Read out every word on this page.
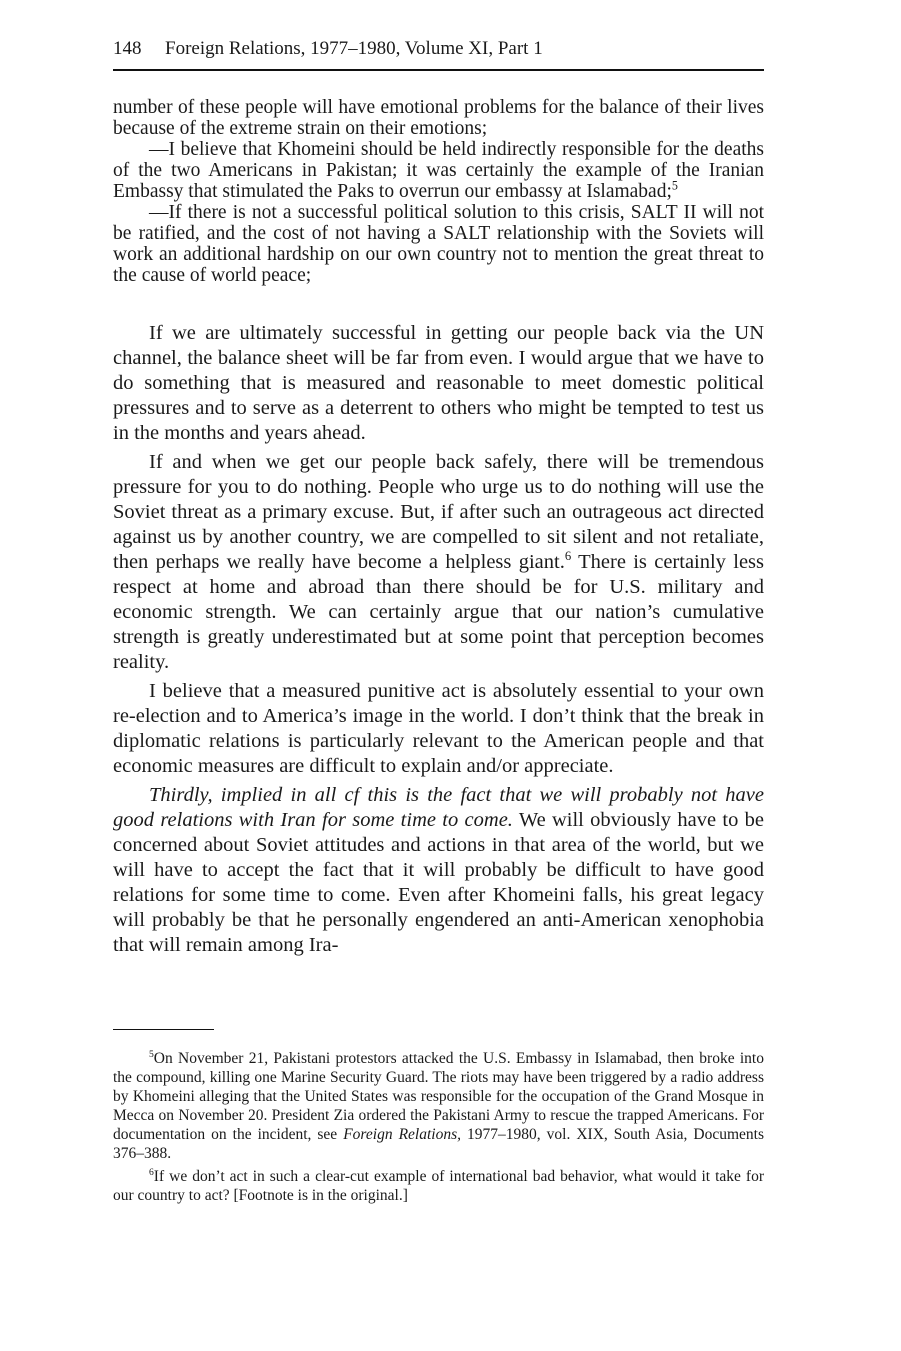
148 Foreign Relations, 1977–1980, Volume XI, Part 1

number of these people will have emotional problems for the balance of their lives because of the extreme strain on their emotions;

—I believe that Khomeini should be held indirectly responsible for the deaths of the two Americans in Pakistan; it was certainly the example of the Iranian Embassy that stimulated the Paks to overrun our embassy at Islamabad;$^5$

—If there is not a successful political solution to this crisis, SALT II will not be ratified, and the cost of not having a SALT relationship with the Soviets will work an additional hardship on our own country not to mention the great threat to the cause of world peace;

If we are ultimately successful in getting our people back via the UN channel, the balance sheet will be far from even. I would argue that we have to do something that is measured and reasonable to meet domestic political pressures and to serve as a deterrent to others who might be tempted to test us in the months and years ahead.

If and when we get our people back safely, there will be tremendous pressure for you to do nothing. People who urge us to do nothing will use the Soviet threat as a primary excuse. But, if after such an outrageous act directed against us by another country, we are compelled to sit silent and not retaliate, then perhaps we really have become a helpless giant.$^6$ There is certainly less respect at home and abroad than there should be for U.S. military and economic strength. We can certainly argue that our nation’s cumulative strength is greatly underestimated but at some point that perception becomes reality.

I believe that a measured punitive act is absolutely essential to your own re-election and to America’s image in the world. I don’t think that the break in diplomatic relations is particularly relevant to the American people and that economic measures are difficult to explain and/or appreciate.

Thirdly, implied in all cf this is the fact that we will probably not have good relations with Iran for some time to come. We will obviously have to be concerned about Soviet attitudes and actions in that area of the world, but we will have to accept the fact that it will probably be difficult to have good relations for some time to come. Even after Khomeini falls, his great legacy will probably be that he personally engendered an anti-American xenophobia that will remain among Ira-

$^5$On November 21, Pakistani protestors attacked the U.S. Embassy in Islamabad, then broke into the compound, killing one Marine Security Guard. The riots may have been triggered by a radio address by Khomeini alleging that the United States was responsible for the occupation of the Grand Mosque in Mecca on November 20. President Zia ordered the Pakistani Army to rescue the trapped Americans. For documentation on the incident, see Foreign Relations, 1977–1980, vol. XIX, South Asia, Documents 376–388.

$^6$If we don’t act in such a clear-cut example of international bad behavior, what would it take for our country to act? [Footnote is in the original.]
